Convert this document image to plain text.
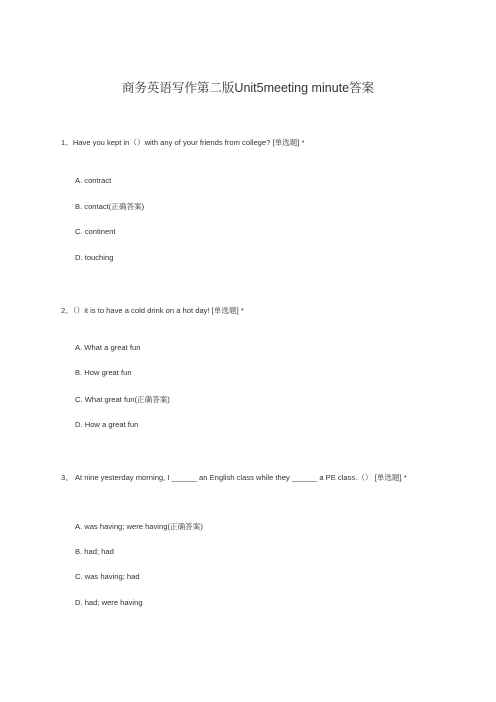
商务英语写作第二版Unit5meeting minute答案
1、Have you kept in（）with any of your friends from college? [单选题] *
A. contract
B. contact(正确答案)
C. continent
D. touching
2、（）it is to have a cold drink on a hot day! [单选题] *
A. What a great fun
B. How great fun
C. What great fun(正确答案)
D. How a great fun
3、 At nine yesterday morning, I ______ an English class while they ______ a PE class.（） [单选题] *
A. was having; were having(正确答案)
B. had; had
C. was having; had
D. had; were having
